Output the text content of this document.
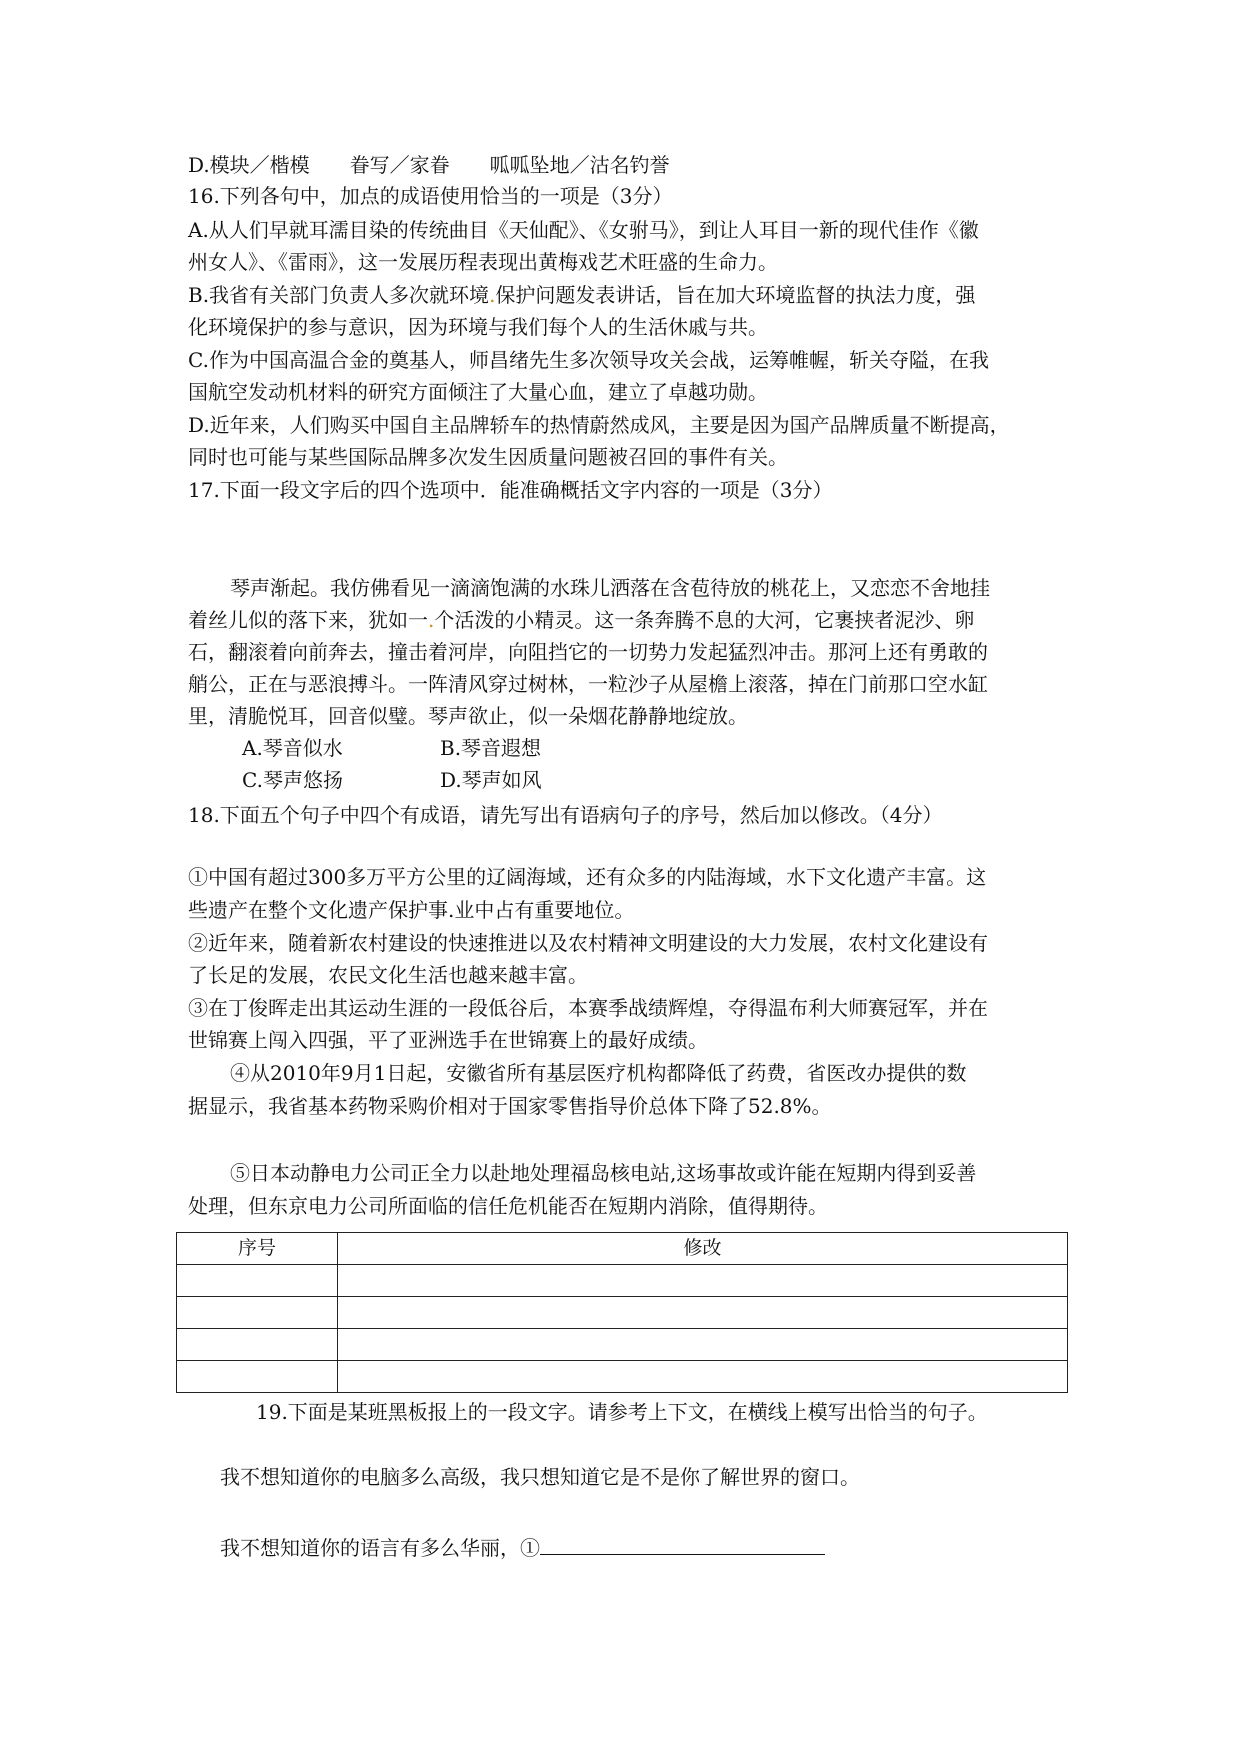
D.模块／楷模　　眷写／家眷　　呱呱坠地／沽名钓誉
16.下列各句中，加点的成语使用恰当的一项是（3分）
A.从人们早就耳濡目染的传统曲目《天仙配》、《女驸马》，到让人耳目一新的现代佳作《徽
州女人》、《雷雨》，这一发展历程表现出黄梅戏艺术旺盛的生命力。
B.我省有关部门负责人多次就环境.保护问题发表讲话，旨在加大环境监督的执法力度，强
化环境保护的参与意识，因为环境与我们每个人的生活休戚与共。
C.作为中国高温合金的奠基人，师昌绪先生多次领导攻关会战，运筹帷幄，斩关夺隘，在我
国航空发动机材料的研究方面倾注了大量心血，建立了卓越功勋。
D.近年来，人们购买中国自主品牌轿车的热情蔚然成风，主要是因为国产品牌质量不断提高，
同时也可能与某些国际品牌多次发生因质量问题被召回的事件有关。
17.下面一段文字后的四个选项中．能准确概括文字内容的一项是（3分）
琴声渐起。我仿佛看见一滴滴饱满的水珠儿洒落在含苞待放的桃花上，又恋恋不舍地挂
着丝儿似的落下来，犹如一.个活泼的小精灵。这一条奔腾不息的大河，它裹挟者泥沙、卵
石，翻滚着向前奔去，撞击着河岸，向阻挡它的一切势力发起猛烈冲击。那河上还有勇敢的
艄公，正在与恶浪搏斗。一阵清风穿过树林，一粒沙子从屋檐上滚落，掉在门前那口空水缸
里，清脆悦耳，回音似璧。琴声欲止，似一朵烟花静静地绽放。
A.琴音似水	B.琴音遐想
C.琴声悠扬	D.琴声如风
18.下面五个句子中四个有成语，请先写出有语病句子的序号，然后加以修改。（4分）
①中国有超过300多万平方公里的辽阔海域，还有众多的内陆海域，水下文化遗产丰富。这
些遗产在整个文化遗产保护事.业中占有重要地位。
②近年来，随着新农村建设的快速推进以及农村精神文明建设的大力发展，农村文化建设有
了长足的发展，农民文化生活也越来越丰富。
③在丁俊晖走出其运动生涯的一段低谷后，本赛季战绩辉煌，夺得温布利大师赛冠军，并在
世锦赛上闯入四强，平了亚洲选手在世锦赛上的最好成绩。
④从2010年9月1日起，安徽省所有基层医疗机构都降低了药费，省医改办提供的数
据显示，我省基本药物采购价相对于国家零售指导价总体下降了52.8%。
⑤日本动静电力公司正全力以赴地处理福岛核电站,这场事故或许能在短期内得到妥善
处理，但东京电力公司所面临的信任危机能否在短期内消除，值得期待。
序号	修改

19.下面是某班黑板报上的一段文字。请参考上下文，在横线上模写出恰当的句子。
我不想知道你的电脑多么高级，我只想知道它是不是你了解世界的窗口。
我不想知道你的语言有多么华丽，①
